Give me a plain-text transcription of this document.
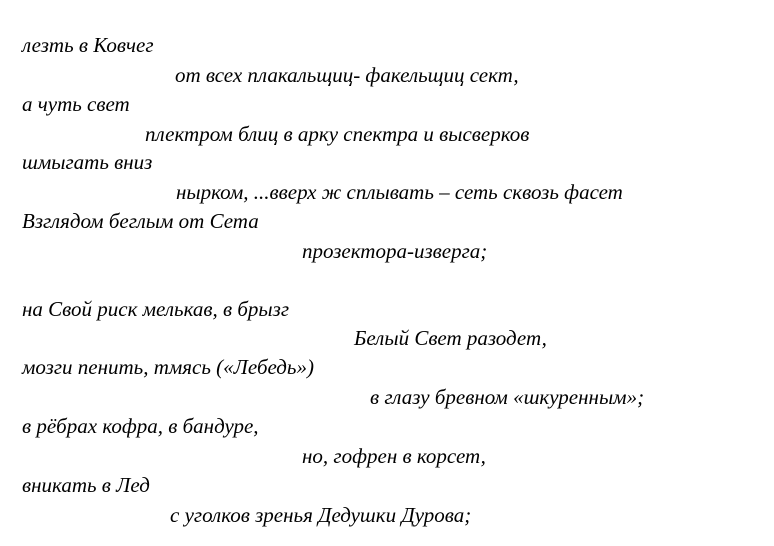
лезть в Ковчег
от всех плакальщиц- факельщиц сект,
а чуть свет
плектром блиц в арку спектра и высверков
шмыгать вниз
нырком, ...вверх ж сплывать – сеть сквозь фасет
Взглядом беглым от Сета
прозектора-изверга;
на Свой риск мелькав, в брызг
Белый Свет разодет,
мозги пенить, тмясь («Лебедь»)
в глазу бревном «шкуренным»;
в рёбрах кофра, в бандуре,
но, гофрен в корсет,
вникать в Лед
с уголков зренья Дедушки Дурова;
